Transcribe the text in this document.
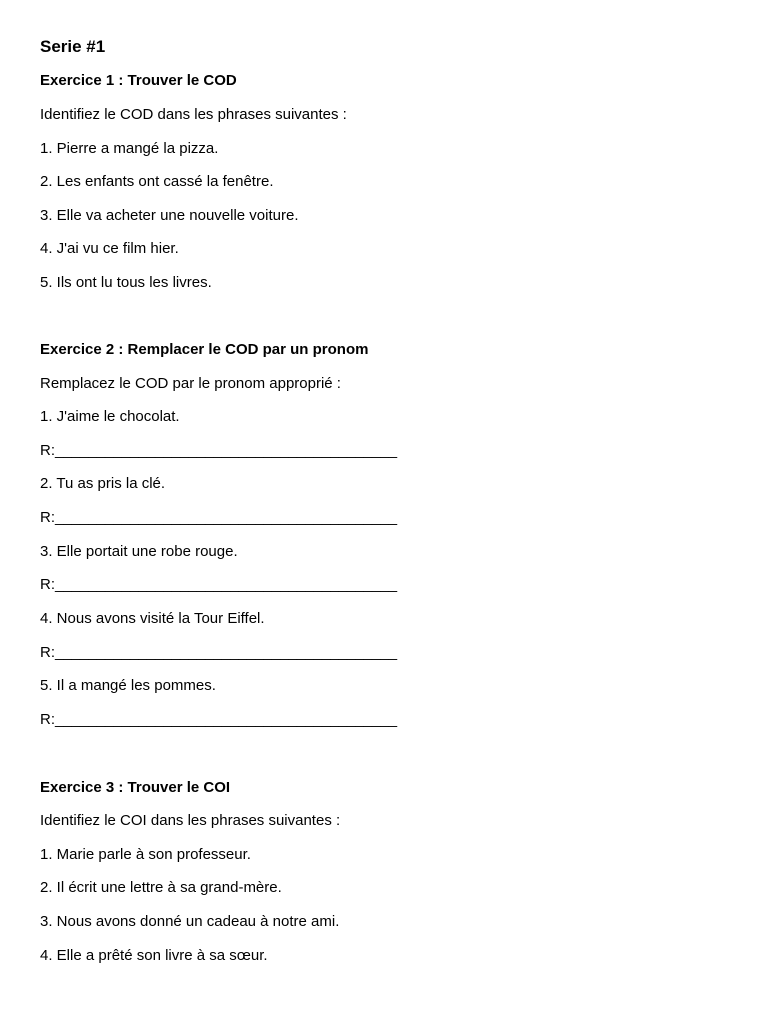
Serie #1
Exercice 1 : Trouver le COD
Identifiez le COD dans les phrases suivantes :
1. Pierre a mangé la pizza.
2. Les enfants ont cassé la fenêtre.
3. Elle va acheter une nouvelle voiture.
4. J'ai vu ce film hier.
5. Ils ont lu tous les livres.
Exercice 2 : Remplacer le COD par un pronom
Remplacez le COD par le pronom approprié :
1. J'aime le chocolat.
R:_________________________________________
2. Tu as pris la clé.
R:_________________________________________
3. Elle portait une robe rouge.
R:_________________________________________
4. Nous avons visité la Tour Eiffel.
R:_________________________________________
5. Il a mangé les pommes.
R:_________________________________________
Exercice 3 : Trouver le COI
Identifiez le COI dans les phrases suivantes :
1. Marie parle à son professeur.
2. Il écrit une lettre à sa grand-mère.
3. Nous avons donné un cadeau à notre ami.
4. Elle a prêté son livre à sa sœur.
